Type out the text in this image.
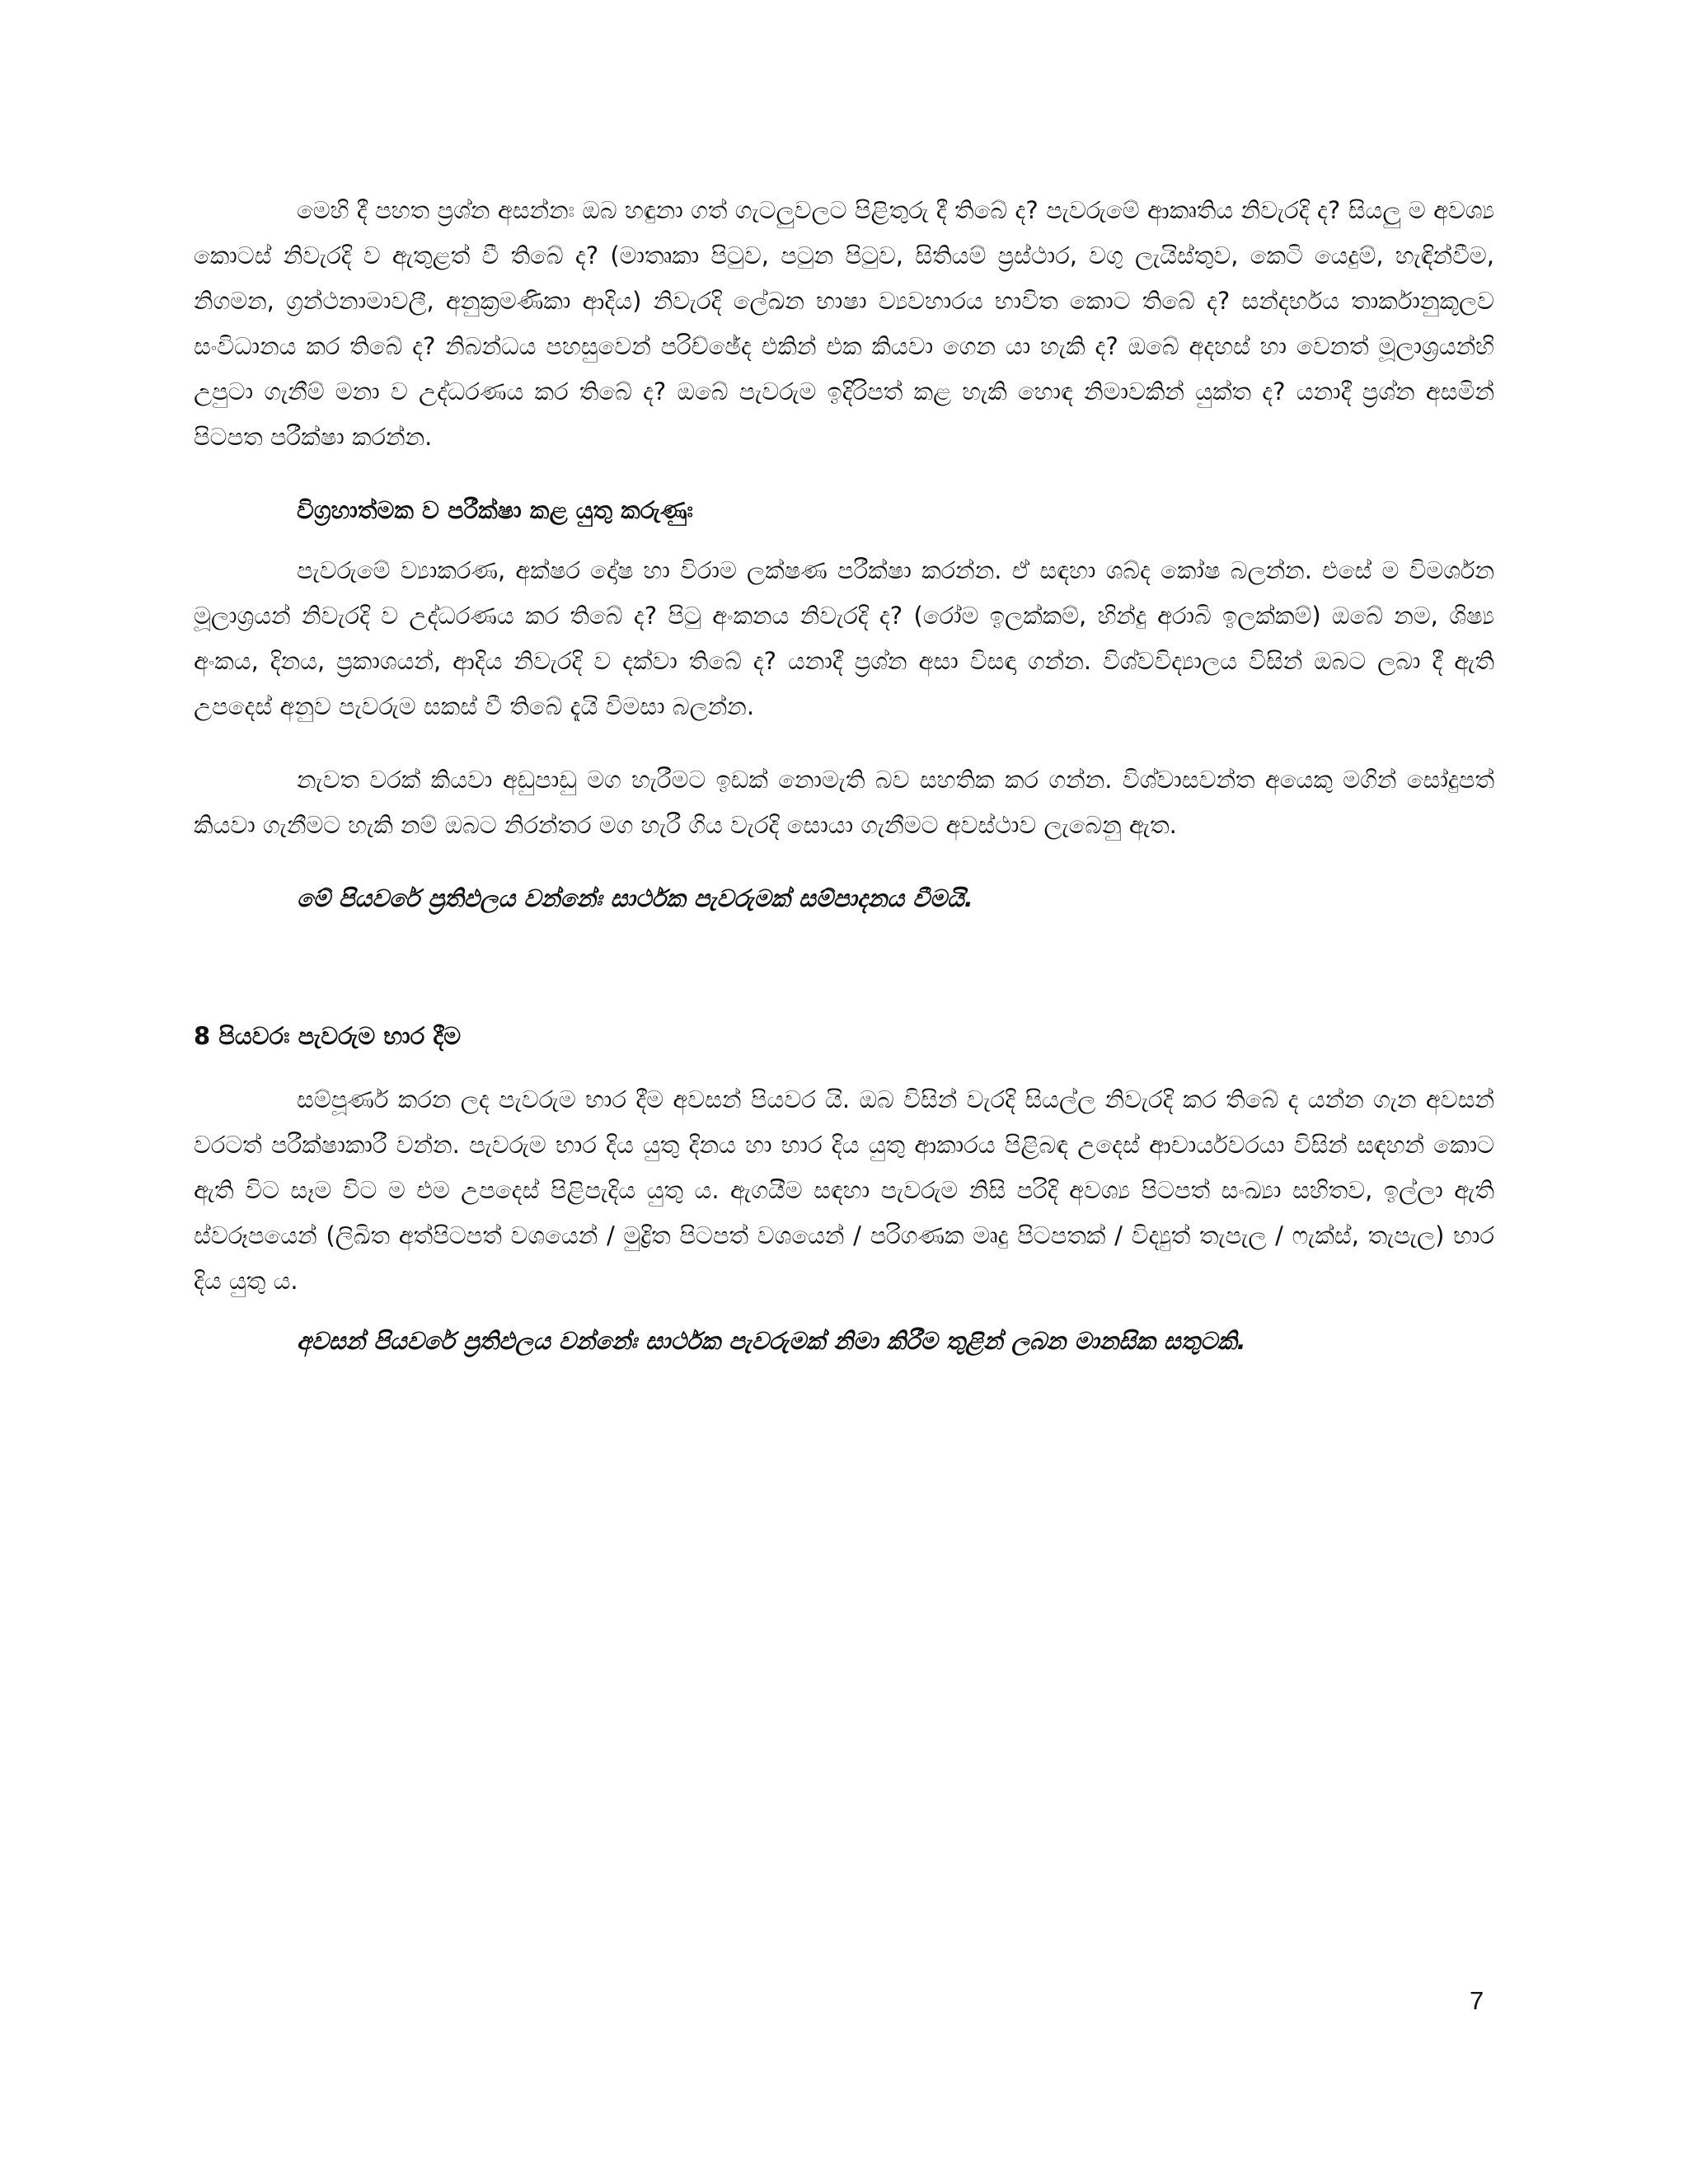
මෙහි දී පහත ප්‍රශ්න අසන්නඃ ඔබ හඳුනා ගත් ගැටලුවලට පිළිතුරු දී තිබේ ද? පැවරුමේ ආකෘතිය නිවැරදි ද? සියලු ම අවශ්‍ය කොටස් නිවැරදි ව ඇතුළත් වී තිබේ ද? (මාතෘකා පිටුව, පටුන පිටුව, සිතියම් ප්‍රස්ථාර, වගු ලැයිස්තුව, කෙටි යෙදුම්, හැඳින්වීම, නිගමන, ග්‍රන්ථනාමාවලී, අනුක්‍රමණිකා ආදිය) නිවැරදි ලේඛන භාෂා ව්‍යවහාරය භාවිත කොට තිබේ ද? සන්දර්භය තාර්කානුකූලව සංවිධානය කර තිබේ ද? නිබන්ධය පහසුවෙන් පරිච්ඡේද එකින් එක කියවා ගෙන යා හැකි ද? ඔබේ අදහස් හා වෙනත් මූලාශ්‍රයන්හි උපුටා ගැනීම් මනා ව උද්ධරණය කර තිබේ ද? ඔබේ පැවරුම ඉදිරිපත් කළ හැකි හොඳ නිමාවකින් යුක්ත ද? යනාදී ප්‍රශ්න අසමින් පිටපත පරීක්ෂා කරන්න.

විග්‍රහාත්මක ව පරීක්ෂා කළ යුතු කරුණුඃ

පැවරුමේ ව්‍යාකරණ, අක්ෂර දෝෂ හා විරාම ලක්ෂණ පරීක්ෂා කරන්න. ඒ සඳහා ශබ්ද කෝෂ බලන්න. එසේ ම විමර්ශන මූලාශ්‍රයන් නිවැරදි ව උද්ධරණය කර තිබේ ද? පිටු අංකනය නිවැරදි ද? (රෝම ඉලක්කම්, හින්දු අරාබි ඉලක්කම්) ඔබේ නම, ශිෂ්‍ය අංකය, දිනය, ප්‍රකාශයන්, ආදිය නිවැරදි ව දක්වා තිබේ ද? යනාදී ප්‍රශ්න අසා විසඳා ගන්න. විශ්වවිද්‍යාලය විසින් ඔබට ලබා දී ඇති උපදෙස් අනුව පැවරුම සකස් වී තිබේ දැයි විමසා බලන්න.

නැවත වරක් කියවා අඩුපාඩු මග හැරීමට ඉඩක් නොමැති බව සහතික කර ගන්න. විශ්වාසවන්ත අයෙකු මගින් සෝදුපත් කියවා ගැනීමට හැකි නම් ඔබට නිරන්තර මග හැරී ගිය වැරදි සොයා ගැනීමට අවස්ථාව ලැබෙනු ඇත.

මේ පියවරේ ප්‍රතිඵලය වන්නේඃ සාර්ථක පැවරුමක් සම්පාදනය වීමයි.

8 පියවරඃ පැවරුම භාර දීම

සම්පූර්ණ කරන ලද පැවරුම භාර දීම අවසන් පියවර යි. ඔබ විසින් වැරදි සියල්ල නිවැරදි කර තිබේ ද යන්න ගැන අවසන් වරටත් පරීක්ෂාකාරී වන්න. පැවරුම භාර දිය යුතු දිනය හා භාර දිය යුතු ආකාරය පිළිබඳ උදෙස් ආචාර්යවරයා විසින් සඳහන් කොට ඇති විට සෑම විට ම එම උපදෙස් පිළිපැදිය යුතු ය. ඇගයීම සඳහා පැවරුම නිසි පරිදි අවශ්‍ය පිටපත් සංඛ්‍යා සහිතව, ඉල්ලා ඇති ස්වරූපයෙන් (ලිඛිත අත්පිටපත් වශයෙන් / මුද්‍රිත පිටපත් වශයෙන් / පරිගණක මෘදු පිටපතක් / විද්‍යුත් තැපැල / ෆැක්ස්, තැපැල) භාර දිය යුතු ය.

අවසන් පියවරේ ප්‍රතිඵලය වන්නේඃ සාර්ථක පැවරුමක් නිමා කිරීම තුළින් ලබන මානසික සතුටකි.

7
